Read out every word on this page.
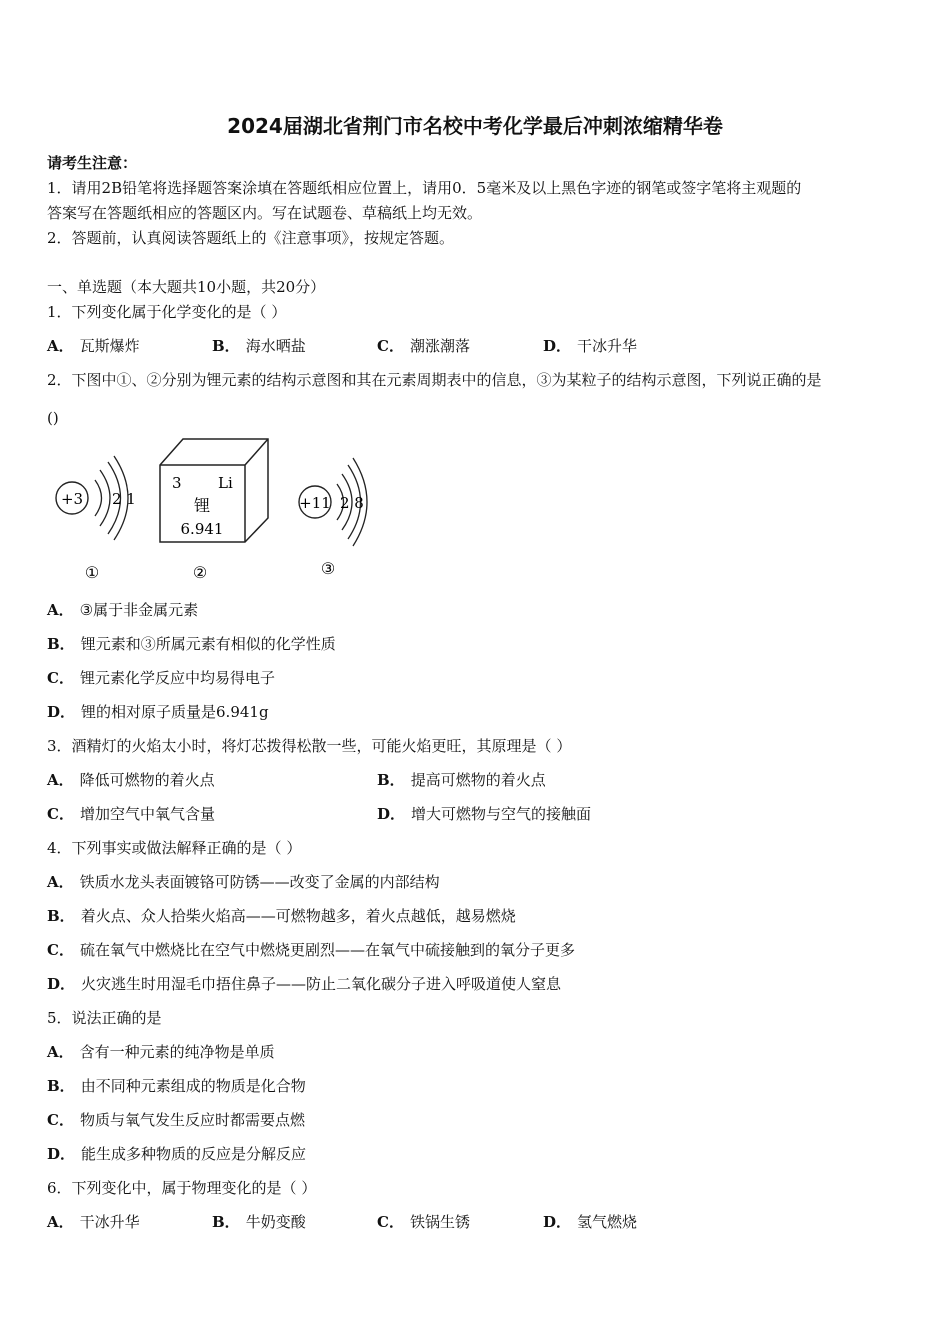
2024届湖北省荆门市名校中考化学最后冲刺浓缩精华卷
请考生注意：
1．请用2B铅笔将选择题答案涂填在答题纸相应位置上，请用0．5毫米及以上黑色字迹的钢笔或签字笔将主观题的
答案写在答题纸相应的答题区内。写在试题卷、草稿纸上均无效。
2．答题前，认真阅读答题纸上的《注意事项》，按规定答题。
一、单选题（本大题共10小题，共20分）
1．下列变化属于化学变化的是（ ）
A． 瓦斯爆炸	B． 海水晒盐	C． 潮涨潮落	D． 干冰升华
2．下图中①、②分别为锂元素的结构示意图和其在元素周期表中的信息，③为某粒子的结构示意图，下列说正确的是
()
+3 2 1
①
3 Li
锂
6.941
②
+11 2 8
③
A． ③属于非金属元素
B． 锂元素和③所属元素有相似的化学性质
C． 锂元素化学反应中均易得电子
D． 锂的相对原子质量是6.941g
3．酒精灯的火焰太小时，将灯芯拨得松散一些，可能火焰更旺，其原理是（ ）
A． 降低可燃物的着火点	B． 提高可燃物的着火点
C． 增加空气中氧气含量	D． 增大可燃物与空气的接触面
4．下列事实或做法解释正确的是（ ）
A． 铁质水龙头表面镀铬可防锈——改变了金属的内部结构
B． 着火点、众人拾柴火焰高——可燃物越多，着火点越低，越易燃烧
C． 硫在氧气中燃烧比在空气中燃烧更剧烈——在氧气中硫接触到的氧分子更多
D． 火灾逃生时用湿毛巾捂住鼻子——防止二氧化碳分子进入呼吸道使人窒息
5．说法正确的是
A． 含有一种元素的纯净物是单质
B． 由不同种元素组成的物质是化合物
C． 物质与氧气发生反应时都需要点燃
D． 能生成多种物质的反应是分解反应
6．下列变化中，属于物理变化的是（ ）
A． 干冰升华	B． 牛奶变酸	C． 铁锅生锈	D． 氢气燃烧
